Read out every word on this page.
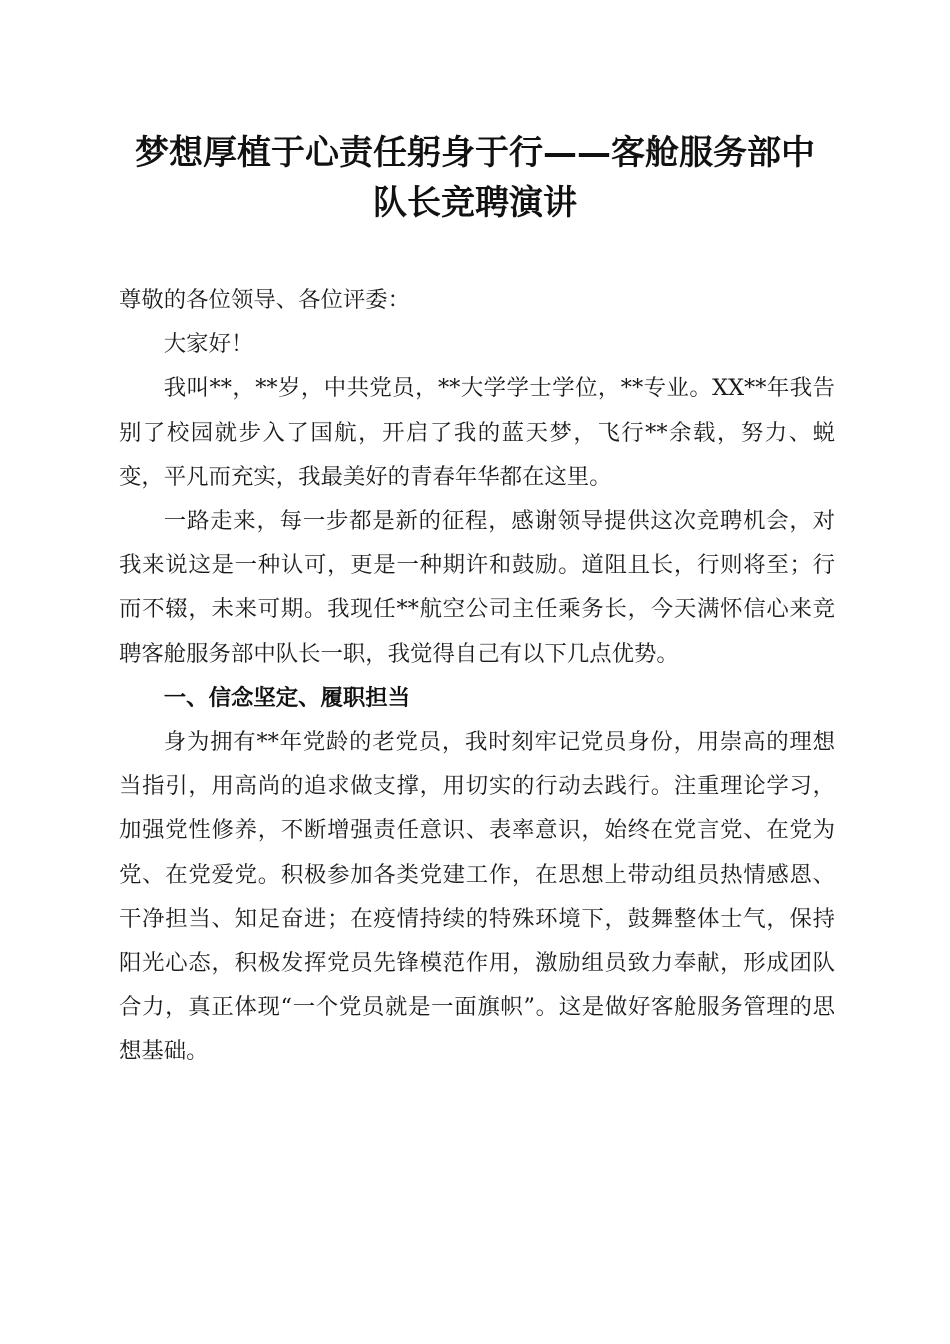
梦想厚植于心责任躬身于行——客舱服务部中
队长竞聘演讲

尊敬的各位领导、各位评委：

大家好！

我叫**，**岁，中共党员，**大学学士学位，**专业。XX**年我告别了校园就步入了国航，开启了我的蓝天梦，飞行**余载，努力、蜕变，平凡而充实，我最美好的青春年华都在这里。

一路走来，每一步都是新的征程，感谢领导提供这次竞聘机会，对我来说这是一种认可，更是一种期许和鼓励。道阻且长，行则将至；行而不辍，未来可期。我现任**航空公司主任乘务长，今天满怀信心来竞聘客舱服务部中队长一职，我觉得自己有以下几点优势。

一、信念坚定、履职担当

身为拥有**年党龄的老党员，我时刻牢记党员身份，用崇高的理想当指引，用高尚的追求做支撑，用切实的行动去践行。注重理论学习，加强党性修养，不断增强责任意识、表率意识，始终在党言党、在党为党、在党爱党。积极参加各类党建工作，在思想上带动组员热情感恩、干净担当、知足奋进；在疫情持续的特殊环境下，鼓舞整体士气，保持阳光心态，积极发挥党员先锋模范作用，激励组员致力奉献，形成团队合力，真正体现“一个党员就是一面旗帜”。这是做好客舱服务管理的思想基础。
